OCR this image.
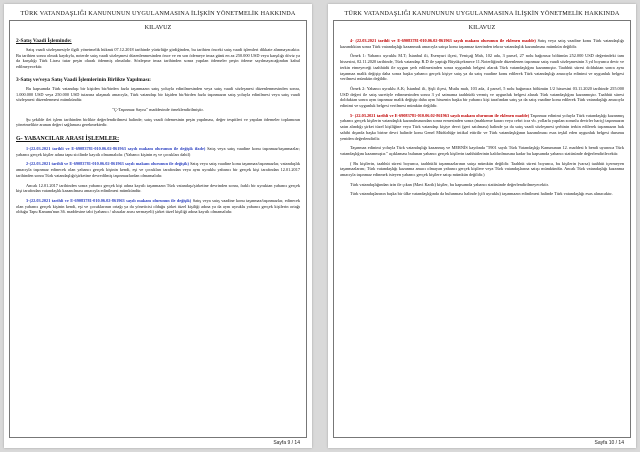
TÜRK VATANDAŞLIĞI KANUNUNUN UYGULANMASINA İLİŞKİN YÖNETMELİK HAKKINDA
KILAVUZ
2-Satış Vaadi İşleminde:

Satış vaadi sözleşmesiyle ilgili yönetmelik hükmü 07.12.2018 tarihinde yürürlüğe girdiğinden, bu tarihten önceki satış vaadi işlemleri dikkate alınmayacaktır. Bu tarihten sonra olmak kaydıyla, noterde satış vaadi sözleşmesi düzenlenmesinden önce ve en son ödemeye imza günü en az 250.000 USD veya karşılığı döviz ya da karşılığı Türk Lirası tutar peşin olarak ödenmiş olmalıdır. Sözleşme imza tarihinden sonra yapılan ödemeler peşin ödeme sayılmayacağından kabul edilmeyecektir.

3-Satış ve/veya Satış Vaadi İşlemlerinin Birlikte Yapılması:

Bu kapsamda Türk vatandaşı bir kişiden bir/birden fazla taşınmazın satış yoluyla edinilmesinden veya satış vaadi sözleşmesi düzenlenmesinden sonra, 1.000.000 USD veya 250.000 USD tutarına ulaşmak amacıyla, Türk vatandaşı bir kişiden bir/birden fazla taşınmazın satış yoluyla edinilmesi veya satış vaadi sözleşmesi düzenlenmesi mümkündür.

"Ç-Taşınmaz Sayısı" maddesinde örneklendirilmiştir.

Şu şekilde ilei işlem tarihinden birlikte değerlendirilmesi halinde; satış vaadi ödemesinin peşin yapılması, değer tespitleri ve yapılan ödemeler toplamının yönetmelikte aranan değeri sağlaması gerekmektedir.

G- YABANCILAR ARASI İŞLEMLER:

1-(22.03.2021 tarihli ve E-69083781-010.06.02-861963 sayılı makam olurunun ile değişik ifade) Satış veya satış vaadine konu taşınmaz/taşınmazlar; yabancı gerçek kişiler adına tapu sicilinde kayıtlı olmamalıdır. (Yabancı kişinin eş ve çocukları dahil)

2-(22.03.2021 tarihli ve E-69083781-010.06.02-861963 sayılı makam olurunun ile değişik) Satış veya satış vaadine konu taşınmaz/taşınmazlar, vatandaşlık amacıyla taşınmaz edinecek olan yabancı gerçek kişinin kendi, eşi ve çocukları tarafından veya aynı uyruklu yabancı bir gerçek kişi tarafından 12.01.2017 tarihinden sonra Türk vatandaşlığı/şirketine devredilmiş taşınmazlardan olmamalıdır.

Ancak 12.01.2017 tarihinden sonra yabancı gerçek kişi adına kayıtlı taşınmazın Türk vatandaşı/şirketine devrinden sonra, farklı bir uyruktan yabancı gerçek kişi tarafından vatandaşlık kazanılması amacıyla edinilmesi mümkündür.

3-(22.03.2021 tarihli ve E-69083781-010.06.02-861963 sayılı makam olurunun ile değişik) Satış veya satış vaadine konu taşınmaz/taşınmazlar, edinecek olan yabancı gerçek kişinin kendi, eşi ve çocuklarının ortağı ya da yöneticisi olduğu şirket tüzel kişiliği adına ya da aynı uyruklu yabancı gerçek kişilerin ortağı olduğu Tapu Kanunu'nun 36. maddesine tabi (yabancı / ulusalar arası sermayeli) şirket tüzel kişiliği adına kayıtlı olmamalıdır.

Sayfa 9 / 14
TÜRK VATANDAŞLIĞI KANUNUNUN UYGULANMASINA İLİŞKİN YÖNETMELİK HAKKINDA
KILAVUZ

4- (22.03.2021 tarihli ve E-69083781-010.06.02-861963 sayılı makam olurunun ile eklenen madde) Satış veya satış vaadine konu Türk vatandaşlığı kazandıktan sonra Türk vatandaşlığı kazanmak amacıyla satışa konu taşınmaz üzerinden tekrar vatandaşlık kazanılması mümkün değildir.

Örnek 1: Yabancı uyruklu M.T; İstanbul ili, Esenyurt ilçesi, Yeniçağ Mah, 102 ada, 3 parsel, 27 nolu bağımsız bölümün 252.000 USD değerindeki tam hissesini, 02.11.2020 tarihinde, Türk vatandaşı R.D ile yaptığı Büyükçekmece 11.Noterliğinde düzenlenen taşınmaz satış vaadi sözleşmesinin 3 yıl boyunca devir ve terkin etmeyeceği taahhüdü ile uygun şerh edilmesinden sonra uygunluk belgesi alarak Türk vatandaşlığını kazanmıştır. Taahhüt süresi dolduktan sonra aynı taşınmaz malik değişip daha sonra başka yabancı gerçek kişiye satış ya da satış vaadine konu edilerek Türk vatandaşlığı amacıyla edinimi ve uygunluk belgesi verilmesi mümkün değildir.

Örnek 2: Yabancı uyruklu A.K; İstanbul ili, Şişli ilçesi, Mutlu mah, 103 ada, 4 parsel, 5 nolu bağımsız bölümün 1/2 hissesini 03.11.2020 tarihinde 255.000 USD değeri ile satış suretiyle edinmesinden sonra 3 yıl satmama taahhüdü vermiş ve uygunluk belgesi alarak Türk vatandaşlığını kazanmıştır. Taahhüt süresi dolduktan sonra aynı taşınmaz malik değişip daha aynı hissenin başka bir yabancı kişi tarafından satış ya da satış vaadine konu edilerek Türk vatandaşlığı amacıyla edinimi ve uygunluk belgesi verilmesi mümkün değildir.

5- (22.03.2021 tarihli ve E-69083781-010.06.02-861963 sayılı makam olurunun ile eklenen madde) Taşınmaz edinimi yoluyla Türk vatandaşlığı kazanmış yabancı gerçek kişilerin vatandaşlık kazanılmasından sonra ermesinden sonra (mahkeme kararı veya cebri icra vb. yollarla yapılan zorunlu devirler hariç) taşınmazın satın alındığı şirket tüzel kişiliğine veya Türk vatandaşı kişiye devri (geri satılması) halinde ya da satış vaadi sözleşmesi şerhinin terkin edilerek taşınmazın hak sahibi dışında başka birine devri halinde konu Genel Müdürlüğe intikal ettirilir ve Türk vatandaşlığının kazanılması esas teşkil eden uygunluk belgesi durumu yeniden değerlendirilir.

Taşınmaz edinimi yoluyla Türk vatandaşlığı kazanmış ve MERNİS kaydında "5901 sayılı Türk Vatandaşlığı Kanununun 12. maddesi b bendi uyarınca Türk vatandaşlığını kazanmıştır." açıklaması bulunan yabancı gerçek kişilerin taahhütlerinin kaldırılmasına kadar bu kapsamda yabancı statüsünde değerlendirilecektir.

( Bu kişilerin, taahhüt süresi boyunca, taahhütlü taşınmazlarının satışı mümkün değildir. Taahhüt süresi boyunca, bu kişilerin (varsa) taahhüt içermeyen taşınmazlarını; Türk vatandaşlığı kazanma amacı olmayan yabancı gerçek kişilere veya Türk vatandaşlarına satışı mümkündür. Ancak Türk vatandaşlığı kazanma amacıyla taşınmaz edinmek isteyen yabancı gerçek kişilere satışı mümkün değildir.)

Türk vatandaşlığından izin ile çıkan (Mavi Kartlı) kişiler, bu kapsamda yabancı statüsünde değerlendirilmeyecektir.

Türk vatandaşlarının başka bir ülke vatandaşlığında da bulunması halinde (çift uyruklu) taşınmazın edinilmesi halinde Türk vatandaşlığı esas alınacaktır.

Sayfa 10 / 14
